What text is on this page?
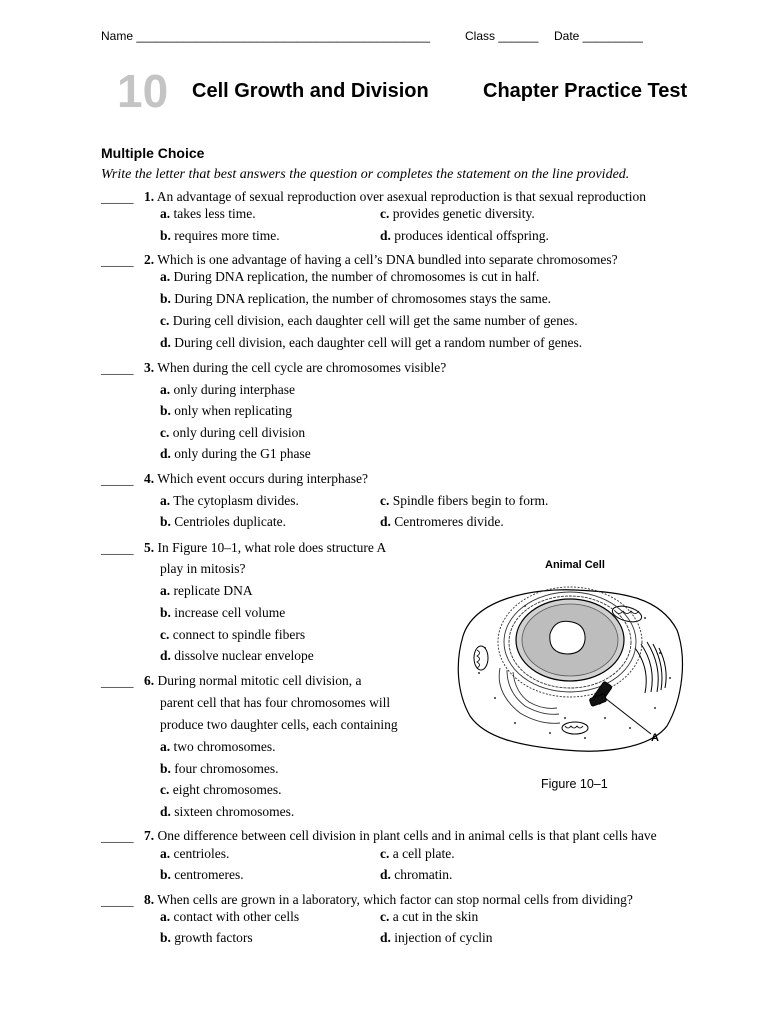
Name ____________________________________________	Class ______ Date _________
10 Cell Growth and Division	Chapter Practice Test
Multiple Choice
Write the letter that best answers the question or completes the statement on the line provided.
_____ 1. An advantage of sexual reproduction over asexual reproduction is that sexual reproduction
a. takes less time.
b. requires more time.
c. provides genetic diversity.
d. produces identical offspring.
_____ 2. Which is one advantage of having a cell’s DNA bundled into separate chromosomes?
a. During DNA replication, the number of chromosomes is cut in half.
b. During DNA replication, the number of chromosomes stays the same.
c. During cell division, each daughter cell will get the same number of genes.
d. During cell division, each daughter cell will get a random number of genes.
_____ 3. When during the cell cycle are chromosomes visible?
a. only during interphase
b. only when replicating
c. only during cell division
d. only during the G1 phase
_____ 4. Which event occurs during interphase?
a. The cytoplasm divides.
b. Centrioles duplicate.
c. Spindle fibers begin to form.
d. Centromeres divide.
_____ 5. In Figure 10–1, what role does structure A
play in mitosis?
a. replicate DNA
b. increase cell volume
c. connect to spindle fibers
d. dissolve nuclear envelope
_____ 6. During normal mitotic cell division, a
parent cell that has four chromosomes will
produce two daughter cells, each containing
a. two chromosomes.
b. four chromosomes.
c. eight chromosomes.
d. sixteen chromosomes.
_____ 7. One difference between cell division in plant cells and in animal cells is that plant cells have
a. centrioles.
b. centromeres.
c. a cell plate.
d. chromatin.
_____ 8. When cells are grown in a laboratory, which factor can stop normal cells from dividing?
a. contact with other cells
b. growth factors
c. a cut in the skin
d. injection of cyclin
Animal Cell
A
Figure 10–1
